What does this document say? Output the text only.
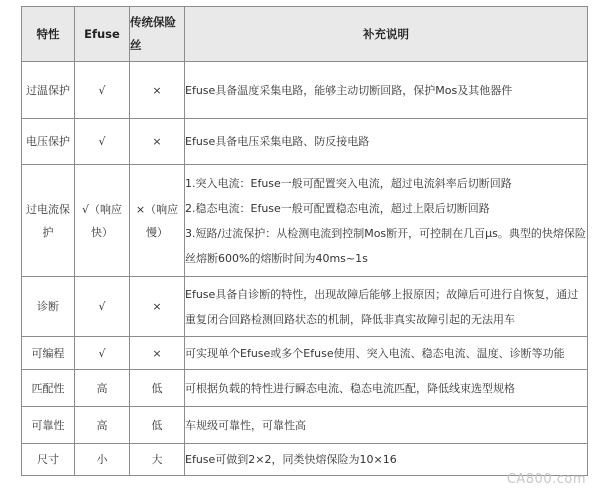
特性	Efuse	传统保险丝	补充说明
过温保护	√	×	Efuse具备温度采集电路，能够主动切断回路，保护Mos及其他器件

电压保护	√	×	Efuse具备电压采集电路、防反接电路

过电流保护	√（响应快）	×（响应慢）	1.突入电流：Efuse一般可配置突入电流，超过电流斜率后切断回路
2.稳态电流：Efuse一般可配置稳态电流，超过上限后切断回路
3.短路/过流保护：从检测电流到控制Mos断开，可控制在几百μs。典型的快熔保险丝熔断600%的熔断时间为40ms~1s

诊断	√	×	Efuse具备自诊断的特性，出现故障后能够上报原因；故障后可进行自恢复，通过重复闭合回路检测回路状态的机制，降低非真实故障引起的无法用车

可编程	√	×	可实现单个Efuse或多个Efuse使用、突入电流、稳态电流、温度、诊断等功能

匹配性	高	低	可根据负载的特性进行瞬态电流、稳态电流匹配，降低线束选型规格

可靠性	高	低	车规级可靠性，可靠性高

尺寸	小	大	Efuse可做到2×2，同类快熔保险为10×16
CA800.com
